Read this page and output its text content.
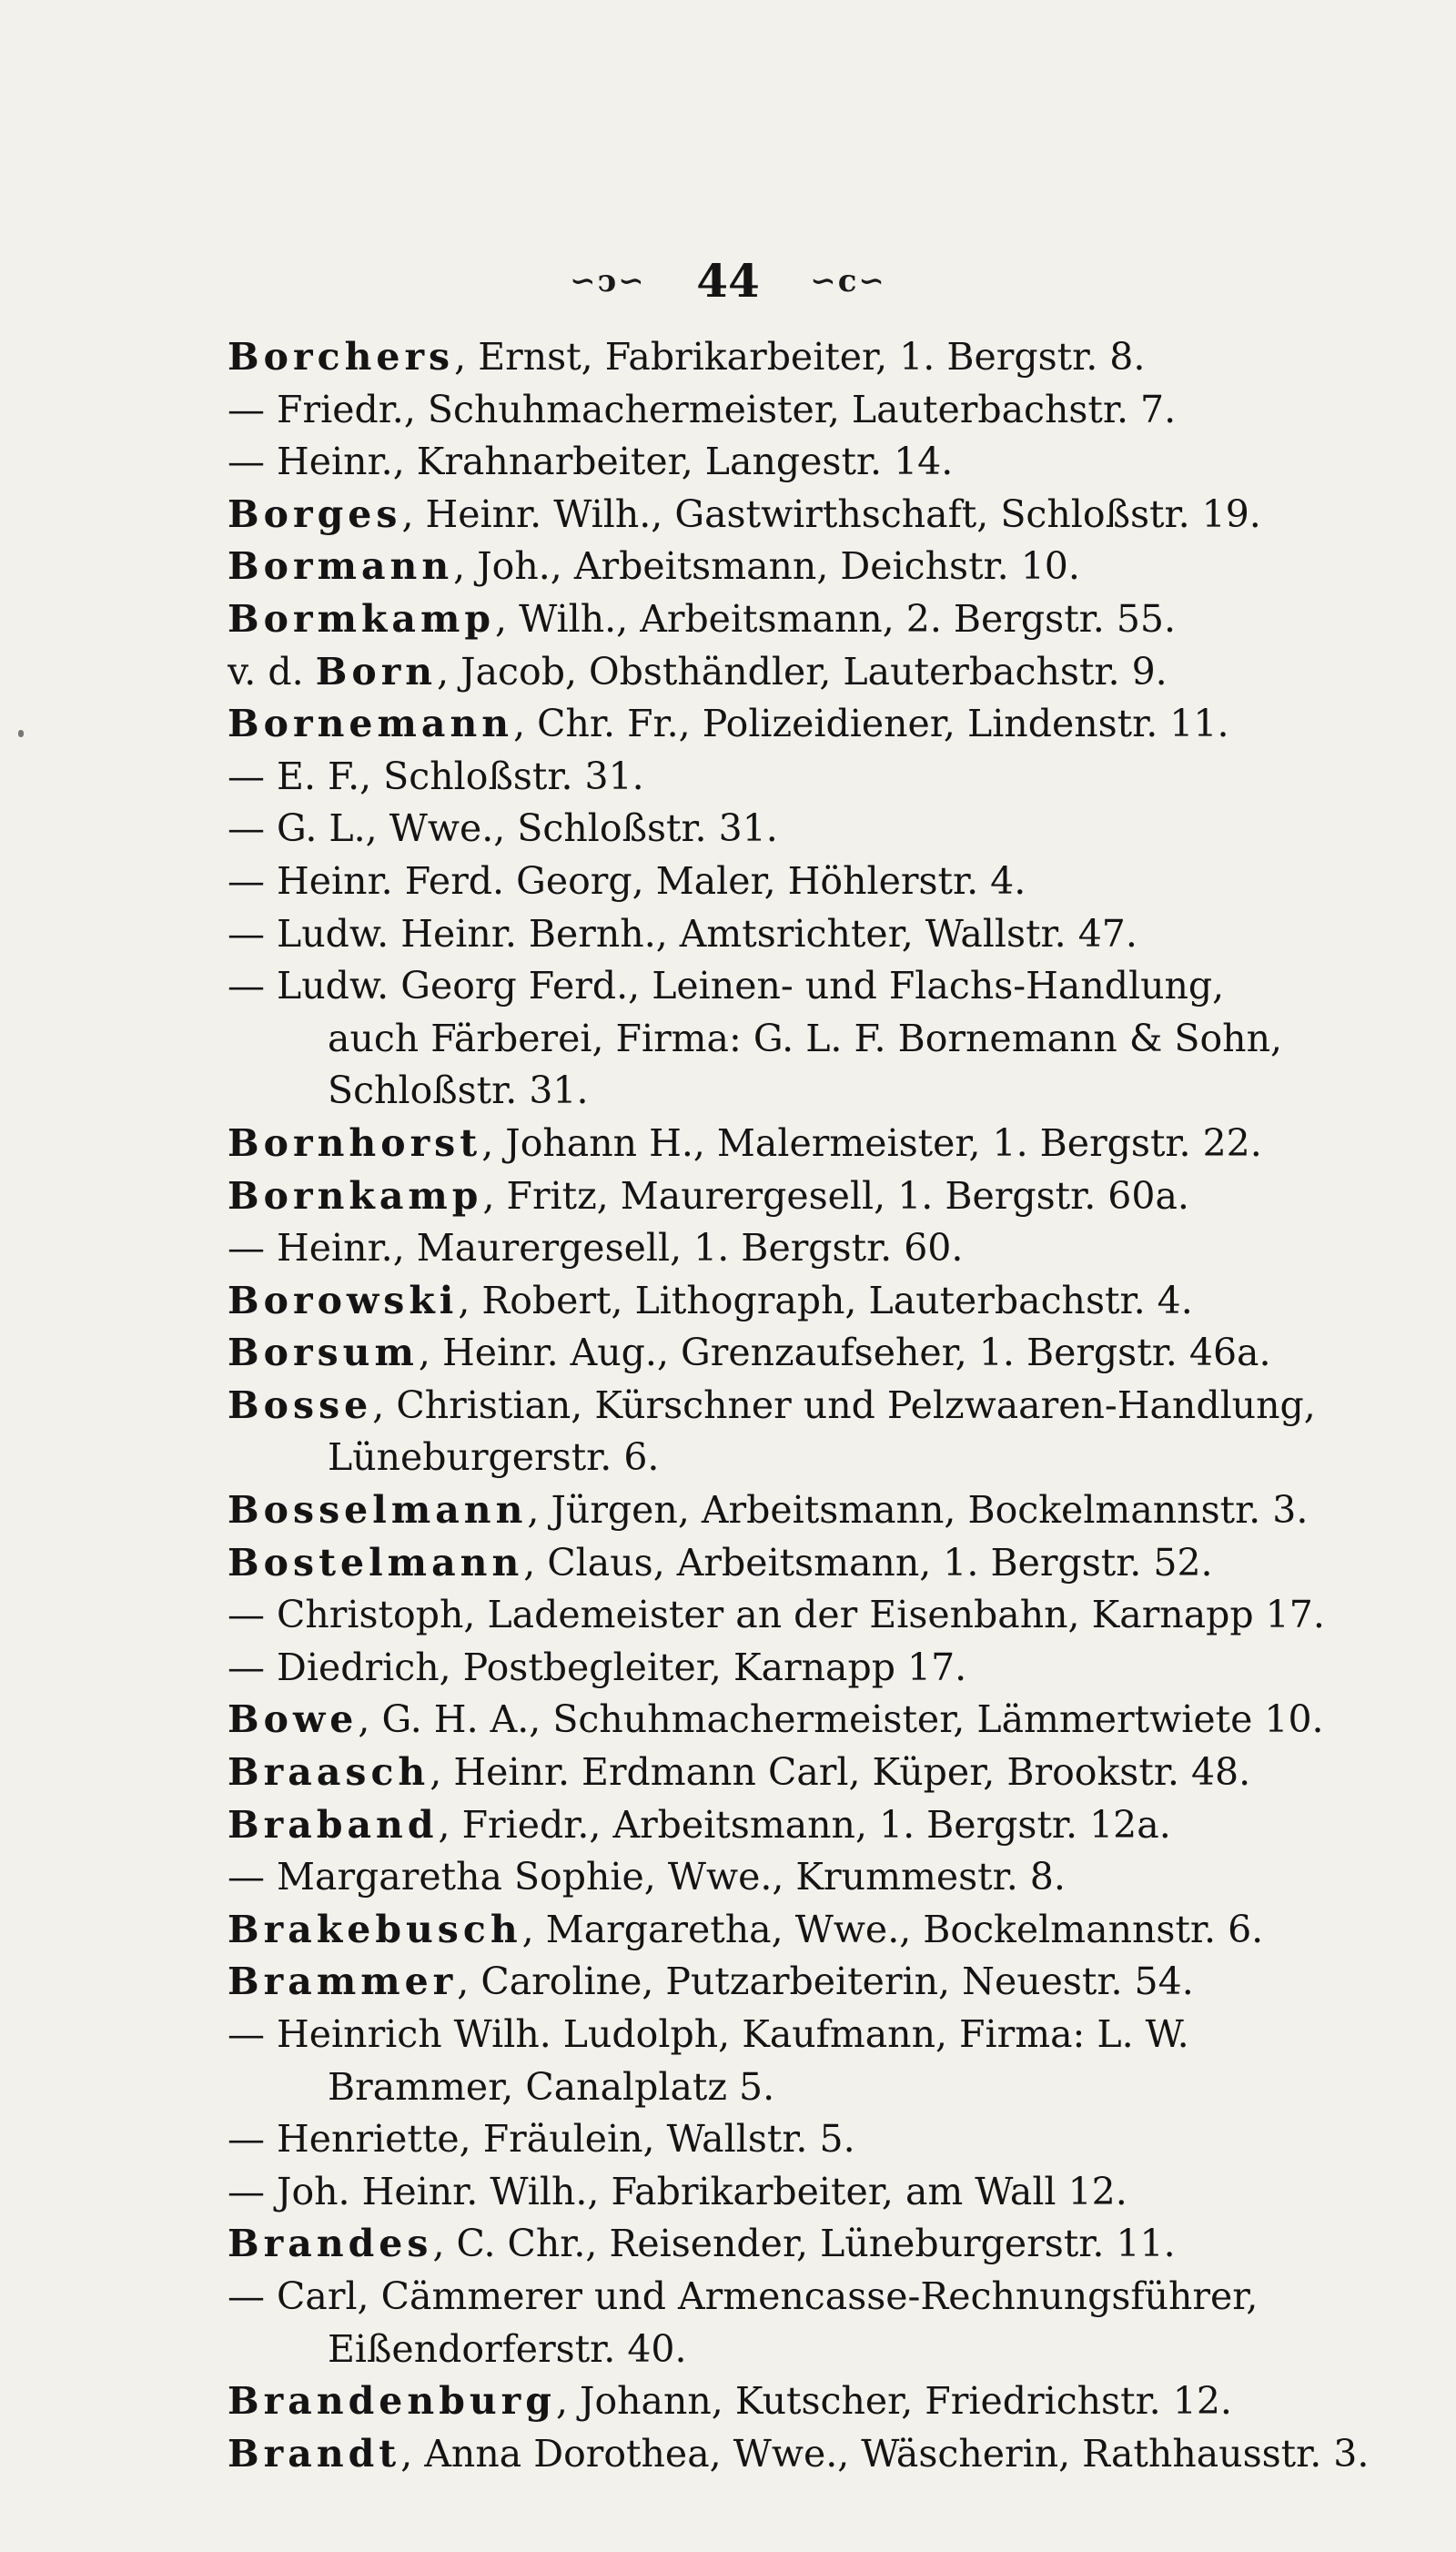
∽ↄ∽ 44 ∽c∽
Borchers, Ernst, Fabrikarbeiter, 1. Bergstr. 8.
— Friedr., Schuhmachermeister, Lauterbachstr. 7.
— Heinr., Krahnarbeiter, Langestr. 14.
Borges, Heinr. Wilh., Gastwirthschaft, Schloßstr. 19.
Bormann, Joh., Arbeitsmann, Deichstr. 10.
Bormkamp, Wilh., Arbeitsmann, 2. Bergstr. 55.
v. d. Born, Jacob, Obsthändler, Lauterbachstr. 9.
Bornemann, Chr. Fr., Polizeidiener, Lindenstr. 11.
— E. F., Schloßstr. 31.
— G. L., Wwe., Schloßstr. 31.
— Heinr. Ferd. Georg, Maler, Höhlerstr. 4.
— Ludw. Heinr. Bernh., Amtsrichter, Wallstr. 47.
— Ludw. Georg Ferd., Leinen- und Flachs-Handlung,
auch Färberei, Firma: G. L. F. Bornemann & Sohn,
Schloßstr. 31.
Bornhorst, Johann H., Malermeister, 1. Bergstr. 22.
Bornkamp, Fritz, Maurergesell, 1. Bergstr. 60a.
— Heinr., Maurergesell, 1. Bergstr. 60.
Borowski, Robert, Lithograph, Lauterbachstr. 4.
Borsum, Heinr. Aug., Grenzaufseher, 1. Bergstr. 46a.
Bosse, Christian, Kürschner und Pelzwaaren-Handlung,
Lüneburgerstr. 6.
Bosselmann, Jürgen, Arbeitsmann, Bockelmannstr. 3.
Bostelmann, Claus, Arbeitsmann, 1. Bergstr. 52.
— Christoph, Lademeister an der Eisenbahn, Karnapp 17.
— Diedrich, Postbegleiter, Karnapp 17.
Bowe, G. H. A., Schuhmachermeister, Lämmertwiete 10.
Braasch, Heinr. Erdmann Carl, Küper, Brookstr. 48.
Braband, Friedr., Arbeitsmann, 1. Bergstr. 12a.
— Margaretha Sophie, Wwe., Krummestr. 8.
Brakebusch, Margaretha, Wwe., Bockelmannstr. 6.
Brammer, Caroline, Putzarbeiterin, Neuestr. 54.
— Heinrich Wilh. Ludolph, Kaufmann, Firma: L. W.
Brammer, Canalplatz 5.
— Henriette, Fräulein, Wallstr. 5.
— Joh. Heinr. Wilh., Fabrikarbeiter, am Wall 12.
Brandes, C. Chr., Reisender, Lüneburgerstr. 11.
— Carl, Cämmerer und Armencasse-Rechnungsführer,
Eißendorferstr. 40.
Brandenburg, Johann, Kutscher, Friedrichstr. 12.
Brandt, Anna Dorothea, Wwe., Wäscherin, Rathhausstr. 3.
